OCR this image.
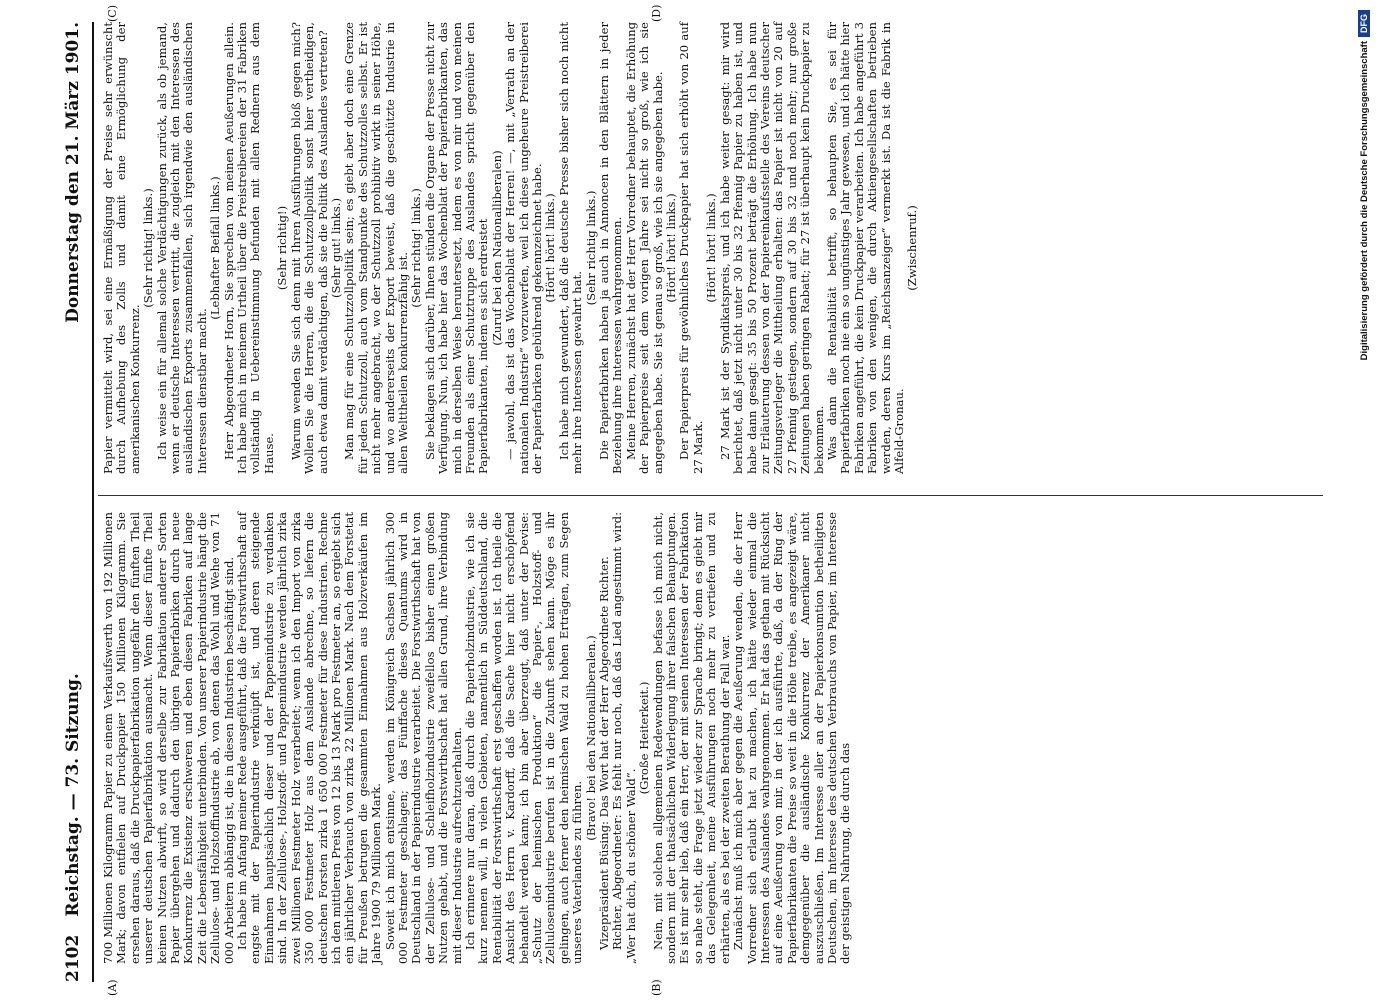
2102
Reichstag. — 73. Sitzung.
Donnerstag den 21. März 1901.
(A)	(B)
(C)	(D)

700 Millionen Kilogramm Papier zu einem Verkaufswerth von 192 Millionen Mark; davon entfielen auf Druckpapier 150 Millionen Kilogramm. Sie ersehen daraus, daß die Druckpapierfabrikation ungefähr den fünften Theil unserer deutschen Papierfabrikation ausmacht. Wenn dieser fünfte Theil keinen Nutzen abwirft, so wird derselbe zur Fabrikation anderer Sorten Papier übergehen und dadurch den übrigen Papierfabriken durch neue Konkurrenz die Existenz erschweren und eben diesen Fabriken auf lange Zeit die Lebensfähigkeit unterbinden. Von unserer Papierindustrie hängt die Zellulose- und Holzstoffindustrie ab, von denen das Wohl und Wehe von 71 000 Arbeitern abhängig ist, die in diesen Industrien beschäftigt sind. Ich habe im Anfang meiner Rede ausgeführt, daß die Forstwirthschaft auf engste mit der Papierindustrie verknüpft ist, und deren steigende Einnahmen hauptsächlich dieser und der Pappenindustrie zu verdanken sind. In der Zellulose-, Holzstoff- und Pappenindustrie werden jährlich zirka zwei Millionen Festmeter Holz verarbeitet; wenn ich den Import von zirka 350 000 Festmeter Holz aus dem Auslande abrechne, so liefern die deutschen Forsten zirka 1 650 000 Festmeter für diese Industrien. Rechne ich den mittleren Preis von 12 bis 13 Mark pro Festmeter an, so ergiebt sich ein jährlicher Verbrauch von zirka 22 Millionen Mark. Nach dem Forstetat für Preußen betrugen die gesammten Einnahmen aus Holzverkäufen im Jahre 1900 79 Millionen Mark. Soweit ich mich entsinne, werden im Königreich Sachsen jährlich 300 000 Festmeter geschlagen; das Fünffache dieses Quantums wird in Deutschland in der Papierindustrie verarbeitet. Die Forstwirthschaft hat von der Zellulose- und Schleifholzindustrie zweifellos bisher einen großen Nutzen gehabt, und die Forstwirthschaft hat allen Grund, ihre Verbindung mit dieser Industrie aufrechtzuerhalten. Ich erinnere nur daran, daß durch die Papierholzindustrie, wie ich sie kurz nennen will, in vielen Gebieten, namentlich in Süddeutschland, die Rentabilität der Forstwirthschaft erst geschaffen worden ist. Ich theile die Ansicht des Herrn v. Kardorff, daß die Sache hier nicht erschöpfend behandelt werden kann; ich bin aber überzeugt, daß unter der Devise: „Schutz der heimischen Produktion“ die Papier-, Holzstoff- und Zellulosenindustrie berufen ist in die Zukunft sehen kann. Möge es ihr gelingen, auch ferner den heimischen Wald zu hohen Erträgen, zum Segen unseres Vaterlandes zu führen.

(Bravo! bei den Nationalliberalen.) Vizepräsident Büsing: Das Wort hat der Herr Abgeordnete Richter. Richter, Abgeordneter: Es fehlt nur noch, daß das Lied angestimmt wird: „Wer hat dich, du schöner Wald“.

(Große Heiterkeit.) Nein, mit solchen allgemeinen Redewendungen befasse ich mich nicht, sondern mit der thatsächlichen Widerlegung ihrer falschen Behauptungen. Es ist mir sehr lieb, daß ein Herr, der mit seinen Interessen der Fabrikation so nahe steht, die Frage jetzt wieder zur Sprache bringt; denn es giebt mir das Gelegenheit, meine Ausführungen noch mehr zu vertiefen und zu erhärten, als es bei der zweiten Berathung der Fall war. Zunächst muß ich mich aber gegen die Aeußerung wenden, die der Herr Vorredner sich erlaubt hat zu machen, ich hätte wieder einmal die Interessen des Auslandes wahrgenommen. Er hat das gethan mit Rücksicht auf eine Aeußerung von mir, in der ich ausführte, daß, da der Ring der Papierfabrikanten die Preise so weit in die Höhe treibe, es angezeigt wäre, demgegenüber die ausländische Konkurrenz der Amerikaner nicht auszuschließen. Im Interesse aller an der Papierkonsumtion betheiligten Deutschen, im Interesse des deutschen Verbrauchs von Papier, im Interesse der geistigen Nahrung, die durch das

Papier vermittelt wird, sei eine Ermäßigung der Preise sehr erwünscht durch Aufhebung des Zolls und damit eine Ermöglichung der amerikanischen Konkurrenz.

(Sehr richtig! links.) Ich weise ein für allemal solche Verdächtigungen zurück, als ob jemand, wenn er deutsche Interessen vertritt, die zugleich mit den Interessen des ausländischen Exports zusammenfallen, sich irgendwie den ausländischen Interessen dienstbar macht.

(Lebhafter Beifall links.) Herr Abgeordneter Horn, Sie sprechen von meinen Aeußerungen allein. Ich habe mich in meinem Urtheil über die Preistreibereien der 31 Fabriken vollständig in Uebereinstimmung befunden mit allen Rednern aus dem Hause.

(Sehr richtig!) Warum wenden Sie sich denn mit Ihren Ausführungen bloß gegen mich? Wollen Sie die Herren, die die Schutzzollpolitik sonst hier vertheidigen, auch etwa damit verdächtigen, daß sie die Politik des Auslandes vertreten? (Sehr gut! links.) Man mag für eine Schutzzollpolitik sein; es giebt aber doch eine Grenze für jeden Schutzzoll, auch vom Standpunkte des Schutzzolles selbst. Er ist nicht mehr angebracht, wo der Schutzzoll prohibitiv wirkt in seiner Höhe, und wo andererseits der Export beweist, daß die geschützte Industrie in allen Welttheilen konkurrenzfähig ist.

(Sehr richtig! links.) Sie beklagen sich darüber, Ihnen stünden die Organe der Presse nicht zur Verfügung. Nun, ich habe hier das Wochenblatt der Papierfabrikanten, das mich in derselben Weise heruntersetzt, indem es von mir und von meinen Freunden als einer Schutztruppe des Auslandes spricht gegenüber den Papierfabrikanten, indem es sich erdreistet (Zuruf bei den Nationalliberalen) — jawohl, das ist das Wochenblatt der Herren! —, mit „Verrath an der nationalen Industrie“ vorzuwerfen, weil ich diese ungeheure Preistreiberei der Papierfabriken gebührend gekennzeichnet habe. (Hört! hört! links.) Ich habe mich gewundert, daß die deutsche Presse bisher sich noch nicht mehr ihre Interessen gewahrt hat.

(Sehr richtig links.) Die Papierfabriken haben ja auch in Annoncen in den Blättern in jeder Beziehung ihre Interessen wahrgenommen. Meine Herren, zunächst hat der Herr Vorredner behauptet, die Erhöhung der Papierpreise seit dem vorigen Jahre sei nicht so groß, wie ich sie angegeben habe. Sie ist genau so groß, wie ich sie angegeben habe. (Hört! hört! links.) Der Papierpreis für gewöhnliches Druckpapier hat sich erhöht von 20 auf 27 Mark.

(Hört! hört! links.) 27 Mark ist der Syndikatspreis, und ich habe weiter gesagt: mir wird berichtet, daß jetzt nicht unter 30 bis 32 Pfennig Papier zu haben ist, und habe dann gesagt: 35 bis 50 Prozent beträgt die Erhöhung. Ich habe nun zur Erläuterung dessen von der Papiereinkaufsstelle des Vereins deutscher Zeitungsverleger die Mittheilung erhalten: das Papier ist nicht von 20 auf 27 Pfennig gestiegen, sondern auf 30 bis 32 und noch mehr; nur große Zeitungen haben geringen Rabatt; für 27 ist überhaupt kein Druckpapier zu bekommen. Was dann die Rentabilität betrifft, so behaupten Sie, es sei für Papierfabriken noch nie ein so ungünstiges Jahr gewesen, und ich hätte hier Fabriken angeführt, die kein Druckpapier verarbeiten. Ich habe angeführt 3 Fabriken von den wenigen, die durch Aktiengesellschaften betrieben werden, deren Kurs im „Reichsanzeiger“ vermerkt ist. Da ist die Fabrik in Alfeld-Gronau.

(Zwischenruf.)	Digitalisierung gefördert durch die Deutsche Forschungsgemeinschaft
DFG
